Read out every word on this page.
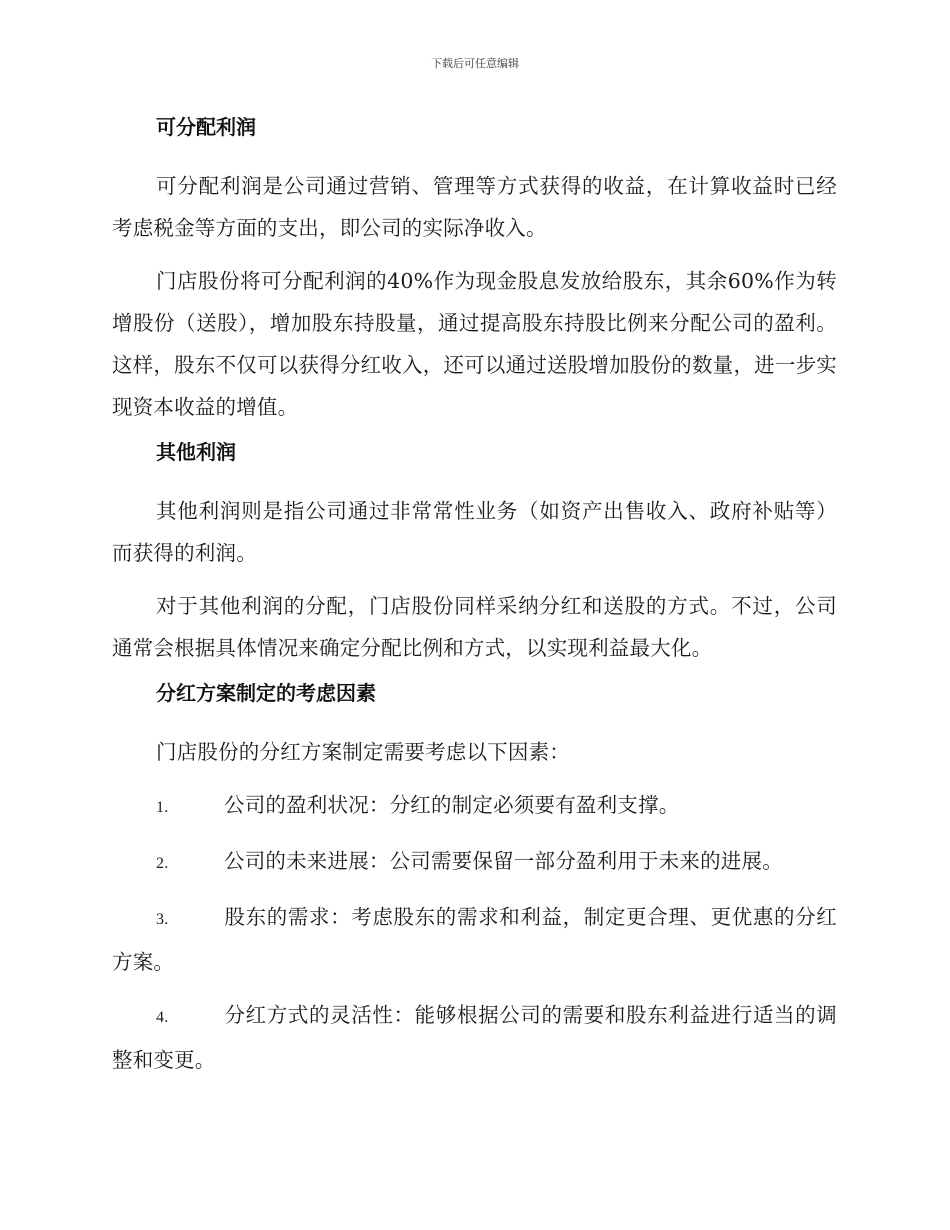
下载后可任意编辑
可分配利润

可分配利润是公司通过营销、管理等方式获得的收益，在计算收益时已经考虑税金等方面的支出，即公司的实际净收入。

门店股份将可分配利润的40%作为现金股息发放给股东，其余60%作为转增股份（送股），增加股东持股量，通过提高股东持股比例来分配公司的盈利。这样，股东不仅可以获得分红收入，还可以通过送股增加股份的数量，进一步实现资本收益的增值。

其他利润

其他利润则是指公司通过非常常性业务（如资产出售收入、政府补贴等）而获得的利润。

对于其他利润的分配，门店股份同样采纳分红和送股的方式。不过，公司通常会根据具体情况来确定分配比例和方式，以实现利益最大化。

分红方案制定的考虑因素

门店股份的分红方案制定需要考虑以下因素：

1.	公司的盈利状况：分红的制定必须要有盈利支撑。
2.	公司的未来进展：公司需要保留一部分盈利用于未来的进展。
3.	股东的需求：考虑股东的需求和利益，制定更合理、更优惠的分红方案。
4.	分红方式的灵活性：能够根据公司的需要和股东利益进行适当的调整和变更。
